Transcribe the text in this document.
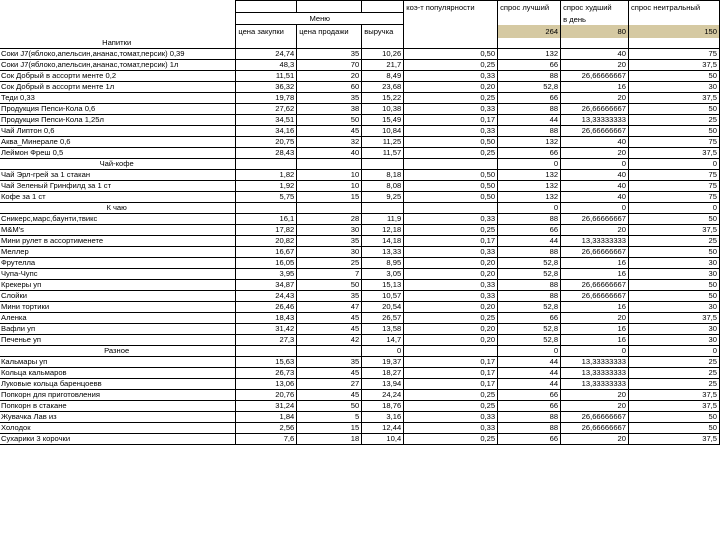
				коэ-т популярности	спрос лучший	спрос худший	спрос неитральный
	Меню					в день	
	цена закупки	цена продажи	выручка		264	80	150
Напитки							
Соки J7(яблоко,апельсин,ананас,томат,персик) 0,39	24,74	35	10,26	0,50	132	40	75
Соки J7(яблоко,апельсин,ананас,томат,персик) 1л	48,3	70	21,7	0,25	66	20	37,5
Сок Добрый в ассорти менте 0,2	11,51	20	8,49	0,33	88	26,66666667	50
Сок Добрый в ассорти менте 1л	36,32	60	23,68	0,20	52,8	16	30
Теди 0,33	19,78	35	15,22	0,25	66	20	37,5
Продукция Пепси-Кола 0,6	27,62	38	10,38	0,33	88	26,66666667	50
Продукция Пепси-Кола 1,25л	34,51	50	15,49	0,17	44	13,33333333	25
Чай Липтон 0,6	34,16	45	10,84	0,33	88	26,66666667	50
Аква_Минерале 0,6	20,75	32	11,25	0,50	132	40	75
Леймон Фреш 0,5	28,43	40	11,57	0,25	66	20	37,5
Чай-кофе					0	0	0
Чай Эрл-грей за 1 стакан	1,82	10	8,18	0,50	132	40	75
Чай Зеленый Гринфилд за 1 ст	1,92	10	8,08	0,50	132	40	75
Кофе за 1 ст	5,75	15	9,25	0,50	132	40	75
К чаю					0	0	0
Сникерс,марс,баунти,твикс	16,1	28	11,9	0,33	88	26,66666667	50
M&M's	17,82	30	12,18	0,25	66	20	37,5
Мини рулет в ассортименете	20,82	35	14,18	0,17	44	13,33333333	25
Меллер	16,67	30	13,33	0,33	88	26,66666667	50
Фрутелла	16,05	25	8,95	0,20	52,8	16	30
Чупа-Чупс	3,95	7	3,05	0,20	52,8	16	30
Крекеры уп	34,87	50	15,13	0,33	88	26,66666667	50
Слойки	24,43	35	10,57	0,33	88	26,66666667	50
Мини тортики	26,46	47	20,54	0,20	52,8	16	30
Аленка	18,43	45	26,57	0,25	66	20	37,5
Вафли уп	31,42	45	13,58	0,20	52,8	16	30
Печенье уп	27,3	42	14,7	0,20	52,8	16	30
Разное			0		0	0	0
Кальмары уп	15,63	35	19,37	0,17	44	13,33333333	25
Кольца кальмаров	26,73	45	18,27	0,17	44	13,33333333	25
Луковые кольца баренцоевв	13,06	27	13,94	0,17	44	13,33333333	25
Попкорн для приготовления	20,76	45	24,24	0,25	66	20	37,5
Попкорн в стакане	31,24	50	18,76	0,25	66	20	37,5
Жувачка Лав из	1,84	5	3,16	0,33	88	26,66666667	50
Холодок	2,56	15	12,44	0,33	88	26,66666667	50
Сухарики 3 корочки	7,6	18	10,4	0,25	66	20	37,5
